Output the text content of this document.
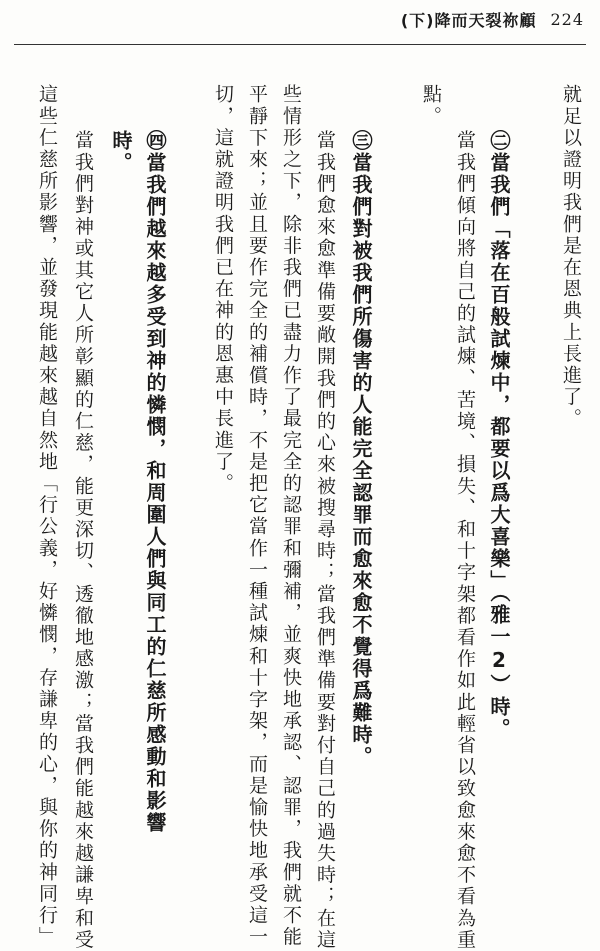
(下)降而天裂祢顧 224
就足以證明我們是在恩典上長進了。
點。
當我們傾向將自己的試煉、苦境、損失、和十字架都看作如此輕省以致愈來愈不看為重 ㊁當我們「落在百般試煉中，都要以爲大喜樂」（雅一2）時。
㊂當我們對被我們所傷害的人能完全認罪而愈來愈不覺得爲難時。
當我們愈來愈準備要敞開我們的心來被搜尋時；當我們準備要對付自己的過失時；在這
些情形之下，除非我們已盡力作了最完全的認罪和彌補，並爽快地承認、認罪，我們就不能
平靜下來；並且要作完全的補償時，不是把它當作一種試煉和十字架，而是愉快地承受這一
切，這就證明我們已在神的恩惠中長進了。
㊃當我們越來越多受到神的憐憫，和周圍人們與同工的仁慈所感動和影響
時。
當我們對神或其它人所彰顯的仁慈，能更深切、透徹地感激；當我們能越來越謙卑和受
這些仁慈所影響，並發現能越來越自然地「行公義，好憐憫，存謙卑的心，與你的神同行」
